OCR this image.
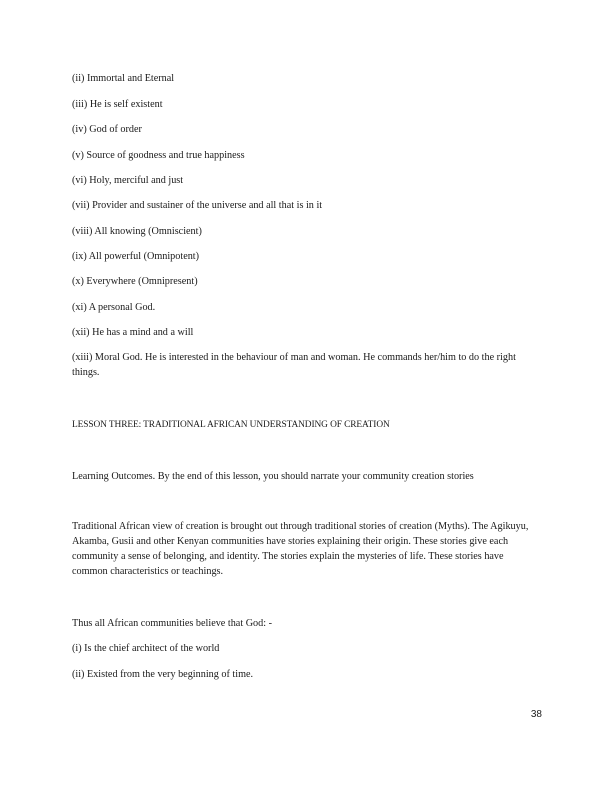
(ii) Immortal and Eternal

(iii) He is self existent

(iv) God of order

(v) Source of goodness and true happiness

(vi) Holy, merciful and just

(vii) Provider and sustainer of the universe and all that is in it

(viii) All knowing (Omniscient)

(ix) All powerful (Omnipotent)

(x) Everywhere (Omnipresent)

(xi) A personal God.

(xii) He has a mind and a will

(xiii) Moral God. He is interested in the behaviour of man and woman. He commands her/him to do the right things.

LESSON THREE: TRADITIONAL AFRICAN UNDERSTANDING OF CREATION

Learning Outcomes. By the end of this lesson, you should narrate your community creation stories

Traditional African view of creation is brought out through traditional stories of creation (Myths). The Agikuyu, Akamba, Gusii and other Kenyan communities have stories explaining their origin. These stories give each community a sense of belonging, and identity. The stories explain the mysteries of life. These stories have common characteristics or teachings.

Thus all African communities believe that God: -

(i) Is the chief architect of the world

(ii) Existed from the very beginning of time.

38
